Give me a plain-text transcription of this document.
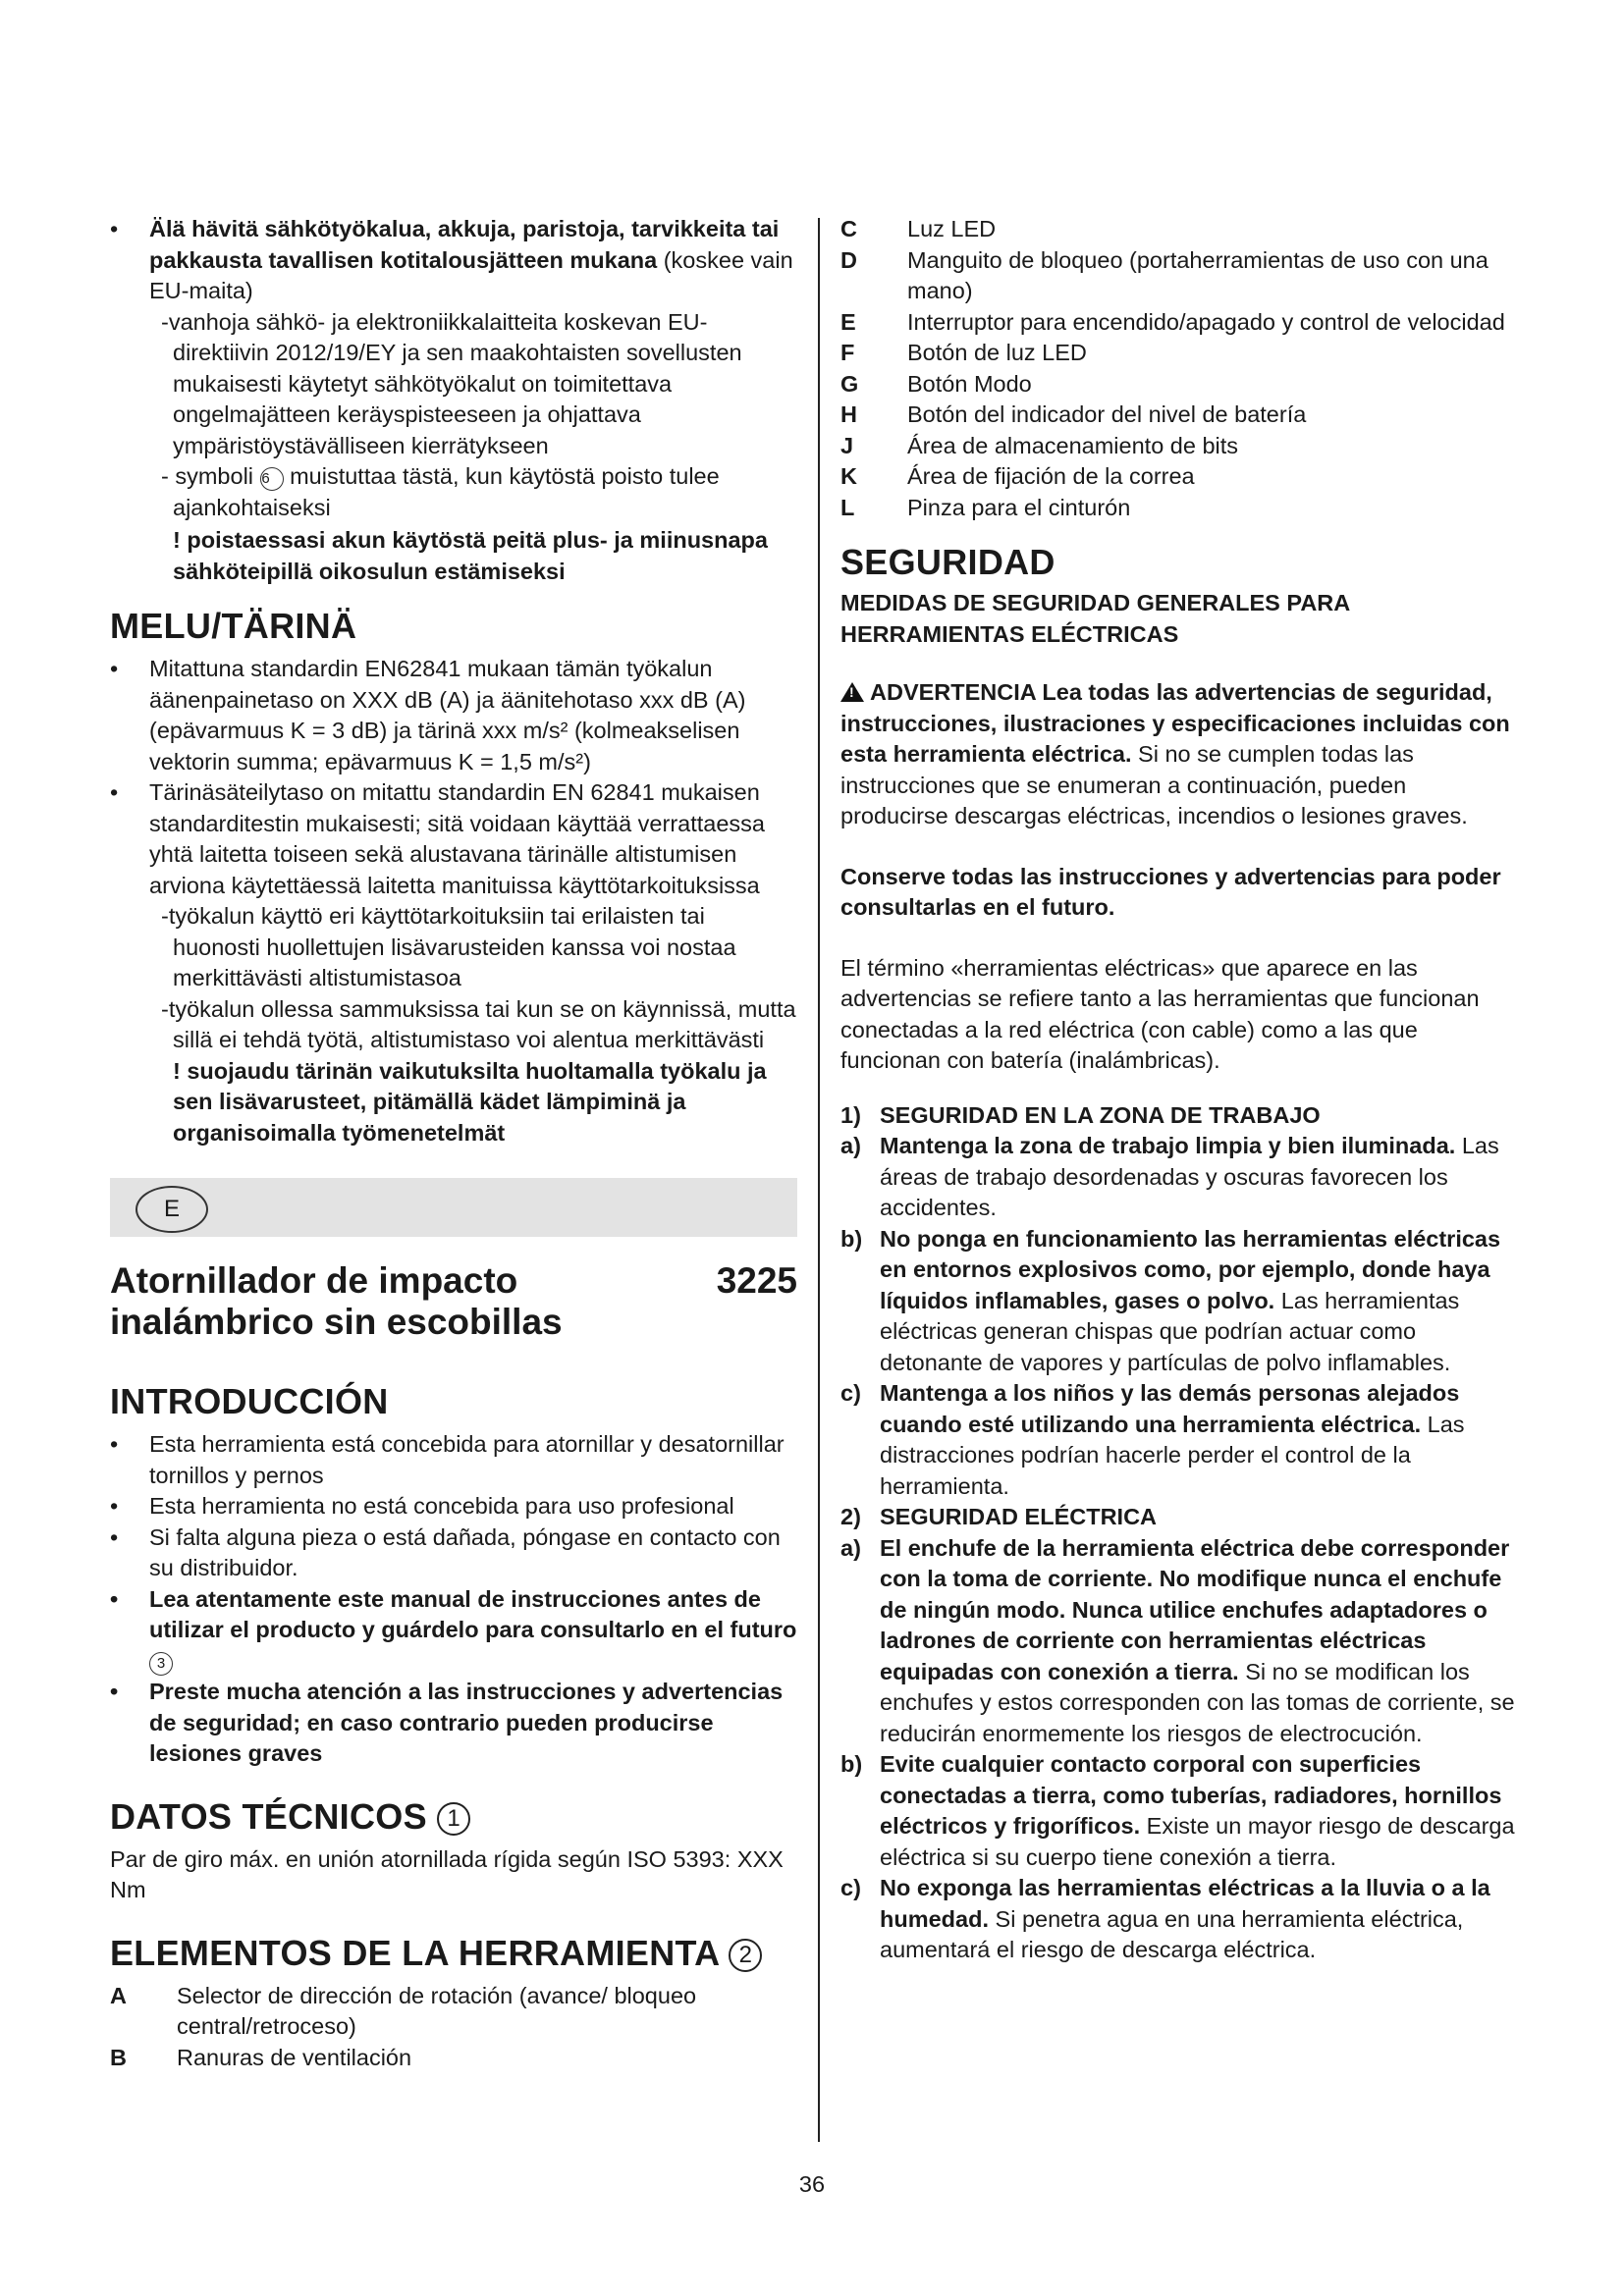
• Älä hävitä sähkötyökalua, akkuja, paristoja, tarvikkeita tai pakkausta tavallisen kotitalousjätteen mukana (koskee vain EU-maita)
-vanhoja sähkö- ja elektroniikkalaitteita koskevan EU-direktiivin 2012/19/EY ja sen maakohtaisten sovellusten mukaisesti käytetyt sähkötyökalut on toimitettava ongelmajätteen keräyspisteeseen ja ohjattava ympäristöystävälliseen kierrätykseen
- symboli 6 muistuttaa tästä, kun käytöstä poisto tulee ajankohtaiseksi
! poistaessasi akun käytöstä peitä plus- ja miinusnapa sähköteipillä oikosulun estämiseksi
MELU/TÄRINÄ
• Mitattuna standardin EN62841 mukaan tämän työkalun äänenpainetaso on XXX dB (A) ja äänitehotaso xxx dB (A) (epävarmuus K = 3 dB) ja tärinä xxx m/s² (kolmeakselisen vektorin summa; epävarmuus K = 1,5 m/s²)
• Tärinäsäteilytaso on mitattu standardin EN 62841 mukaisen standarditestin mukaisesti; sitä voidaan käyttää verrattaessa yhtä laitetta toiseen sekä alustavana tärinälle altistumisen arviona käytettäessä laitetta manituissa käyttötarkoituksissa
-työkalun käyttö eri käyttötarkoituksiin tai erilaisten tai huonosti huollettujen lisävarusteiden kanssa voi nostaa merkittävästi altistumistasoa
-työkalun ollessa sammuksissa tai kun se on käynnissä, mutta sillä ei tehdä työtä, altistumistaso voi alentua merkittävästi
! suojaudu tärinän vaikutuksilta huoltamalla työkalu ja sen lisävarusteet, pitämällä kädet lämpiminä ja organisoimalla työmenetelmät
E
Atornillador de impacto
inalámbrico sin escobillas
3225
INTRODUCCIÓN
• Esta herramienta está concebida para atornillar y desatornillar tornillos y pernos
• Esta herramienta no está concebida para uso profesional
• Si falta alguna pieza o está dañada, póngase en contacto con su distribuidor.
• Lea atentamente este manual de instrucciones antes de utilizar el producto y guárdelo para consultarlo en el futuro 3
• Preste mucha atención a las instrucciones y advertencias de seguridad; en caso contrario pueden producirse lesiones graves
DATOS TÉCNICOS 1

Par de giro máx. en unión atornillada rígida según ISO 5393: XXX Nm

ELEMENTOS DE LA HERRAMIENTA 2
A Selector de dirección de rotación (avance/ bloqueo central/retroceso)
B Ranuras de ventilación
C Luz LED
D Manguito de bloqueo (portaherramientas de uso con una mano)
E Interruptor para encendido/apagado y control de velocidad
F Botón de luz LED
G Botón Modo
H Botón del indicador del nivel de batería
J Área de almacenamiento de bits
K Área de fijación de la correa
L Pinza para el cinturón
SEGURIDAD

MEDIDAS DE SEGURIDAD GENERALES PARA HERRAMIENTAS ELÉCTRICAS

!ADVERTENCIA Lea todas las advertencias de seguridad, instrucciones, ilustraciones y especificaciones incluidas con esta herramienta eléctrica. Si no se cumplen todas las instrucciones que se enumeran a continuación, pueden producirse descargas eléctricas, incendios o lesiones graves.

Conserve todas las instrucciones y advertencias para poder consultarlas en el futuro.

El término «herramientas eléctricas» que aparece en las advertencias se refiere tanto a las herramientas que funcionan conectadas a la red eléctrica (con cable) como a las que funcionan con batería (inalámbricas).

1) SEGURIDAD EN LA ZONA DE TRABAJO
a) Mantenga la zona de trabajo limpia y bien iluminada. Las áreas de trabajo desordenadas y oscuras favorecen los accidentes.
b) No ponga en funcionamiento las herramientas eléctricas en entornos explosivos como, por ejemplo, donde haya líquidos inflamables, gases o polvo. Las herramientas eléctricas generan chispas que podrían actuar como detonante de vapores y partículas de polvo inflamables.
c) Mantenga a los niños y las demás personas alejados cuando esté utilizando una herramienta eléctrica. Las distracciones podrían hacerle perder el control de la herramienta.
2) SEGURIDAD ELÉCTRICA
a) El enchufe de la herramienta eléctrica debe corresponder con la toma de corriente. No modifique nunca el enchufe de ningún modo. Nunca utilice enchufes adaptadores o ladrones de corriente con herramientas eléctricas equipadas con conexión a tierra. Si no se modifican los enchufes y estos corresponden con las tomas de corriente, se reducirán enormemente los riesgos de electrocución.
b) Evite cualquier contacto corporal con superficies conectadas a tierra, como tuberías, radiadores, hornillos eléctricos y frigoríficos. Existe un mayor riesgo de descarga eléctrica si su cuerpo tiene conexión a tierra.
c) No exponga las herramientas eléctricas a la lluvia o a la humedad. Si penetra agua en una herramienta eléctrica, aumentará el riesgo de descarga eléctrica.
36
